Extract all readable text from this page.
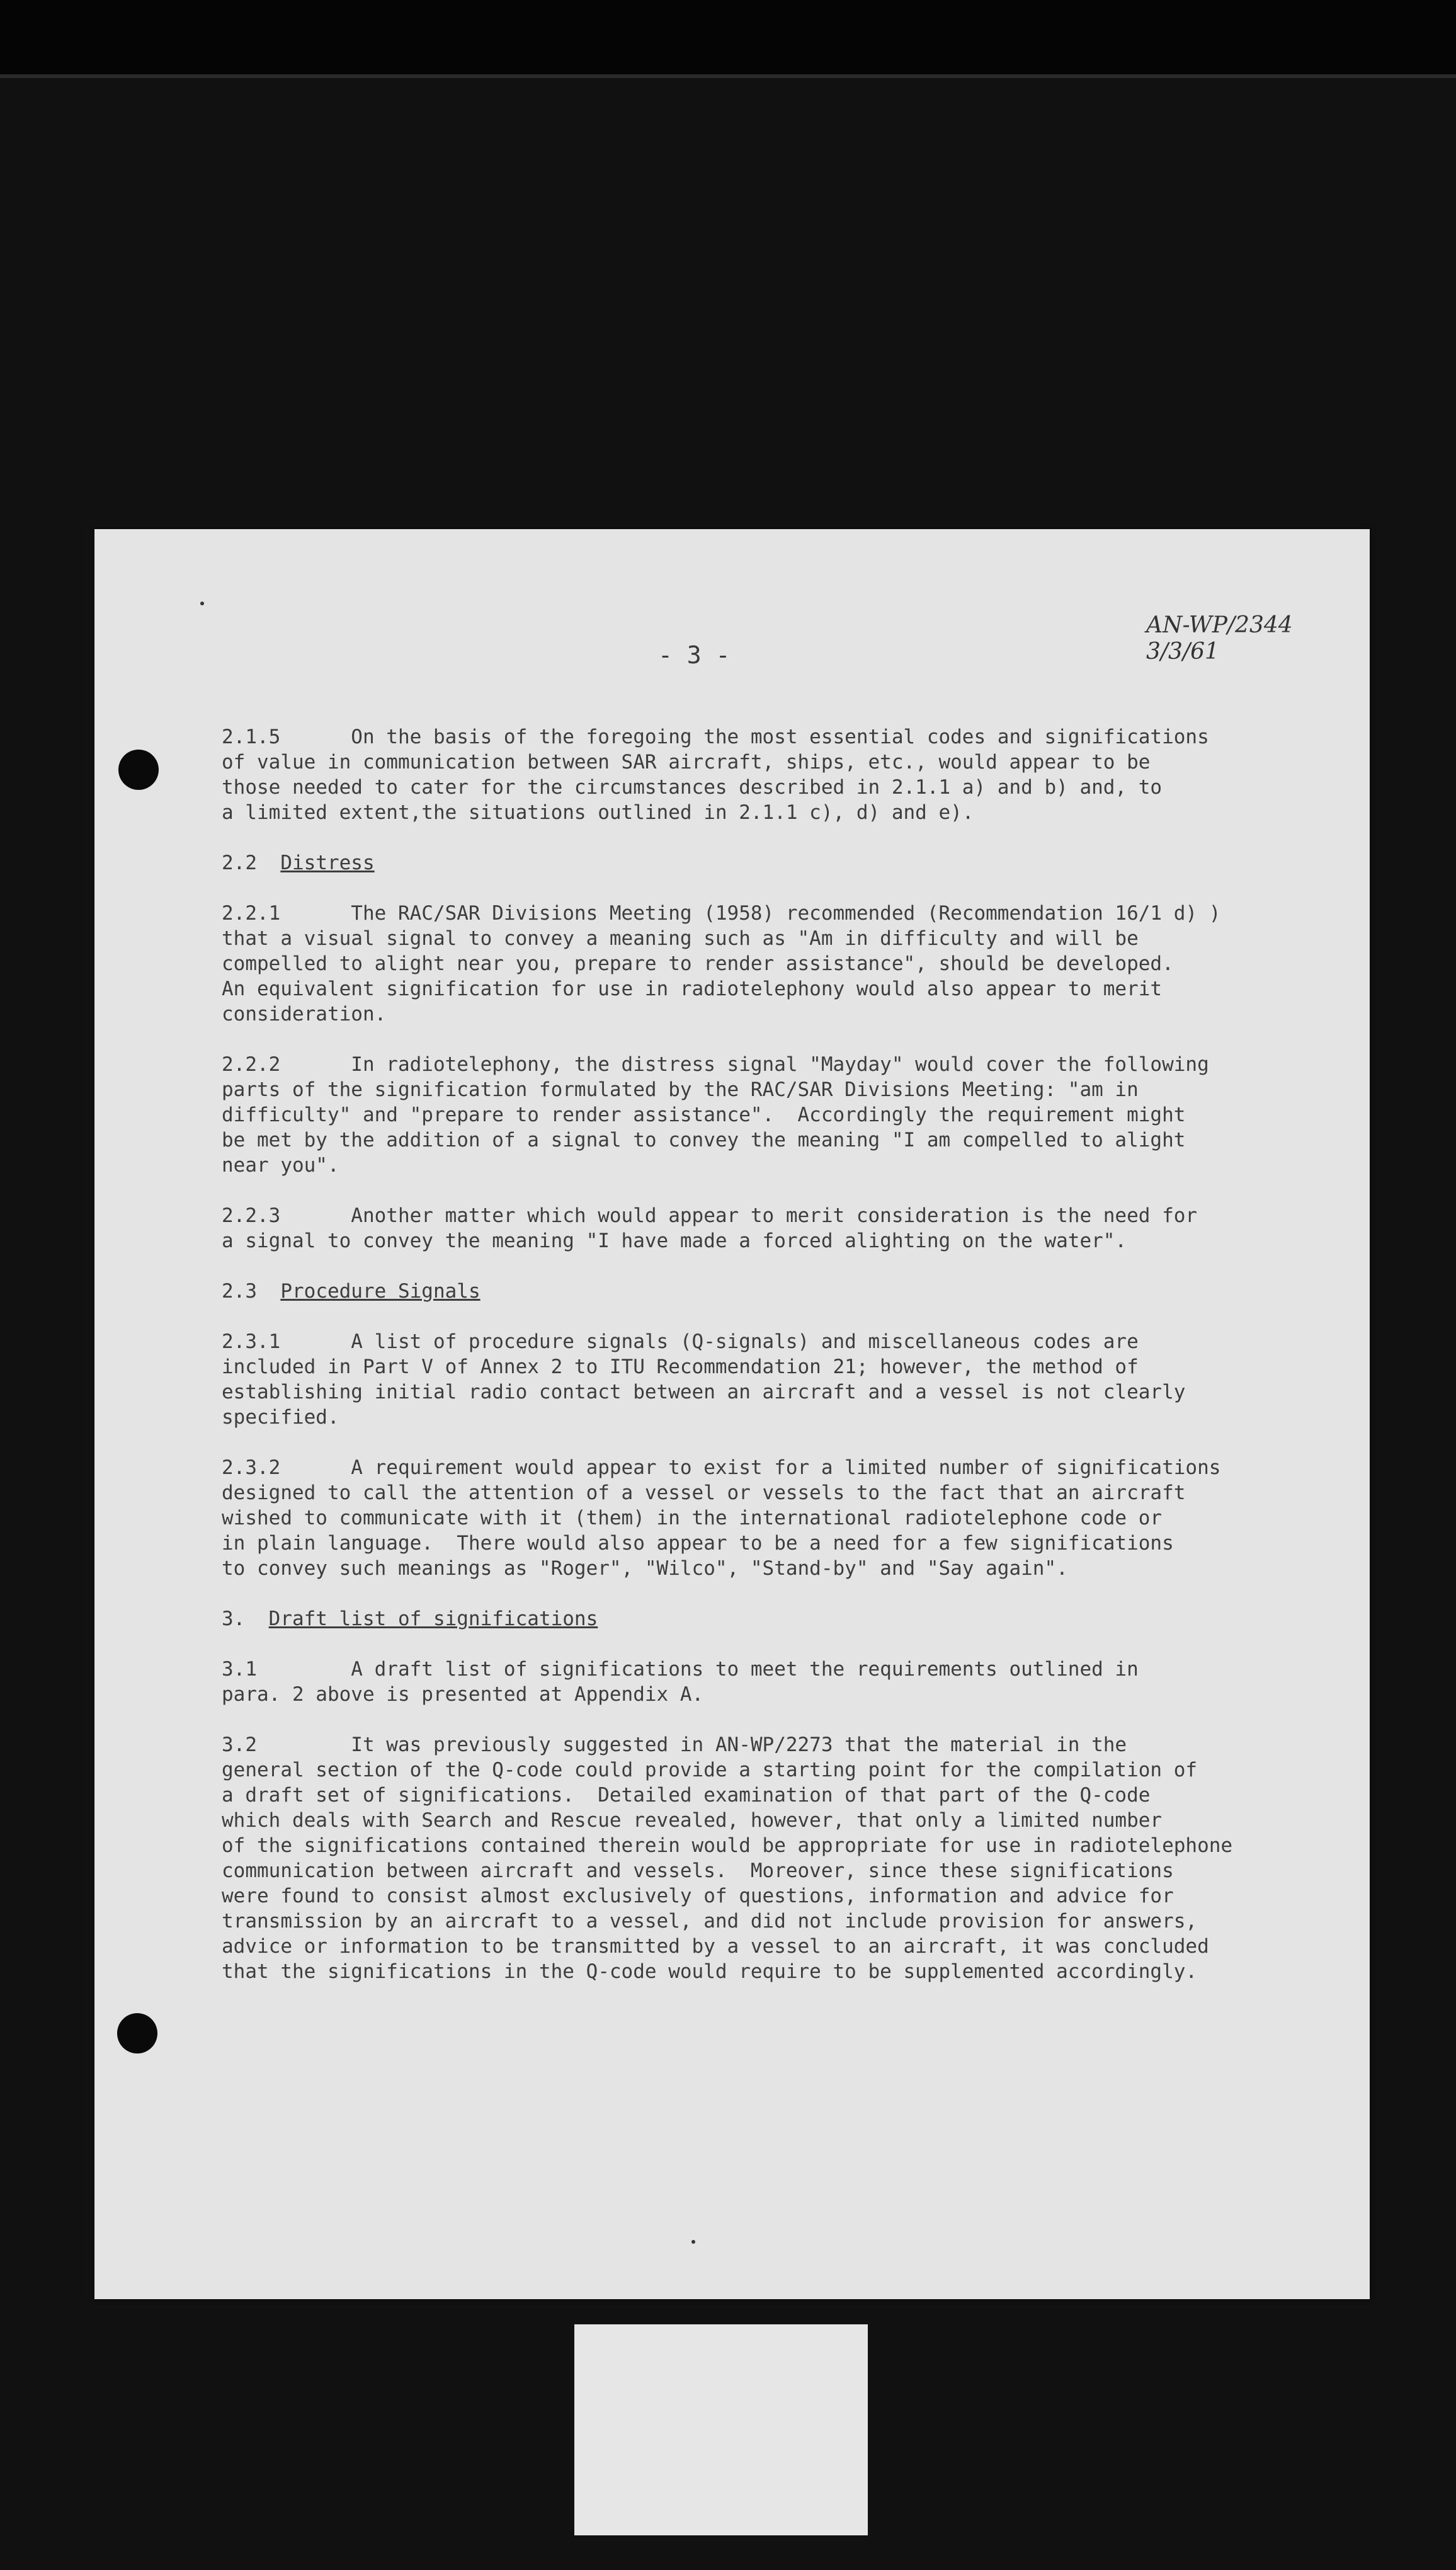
- 3 -
AN-WP/2344
3/3/61
2.1.5      On the basis of the foregoing the most essential codes and significations
of value in communication between SAR aircraft, ships, etc., would appear to be
those needed to cater for the circumstances described in 2.1.1 a) and b) and, to
a limited extent,the situations outlined in 2.1.1 c), d) and e).
2.2  Distress
2.2.1      The RAC/SAR Divisions Meeting (1958) recommended (Recommendation 16/1 d) )
that a visual signal to convey a meaning such as "Am in difficulty and will be
compelled to alight near you, prepare to render assistance", should be developed.
An equivalent signification for use in radiotelephony would also appear to merit
consideration.
2.2.2      In radiotelephony, the distress signal "Mayday" would cover the following
parts of the signification formulated by the RAC/SAR Divisions Meeting: "am in
difficulty" and "prepare to render assistance".  Accordingly the requirement might
be met by the addition of a signal to convey the meaning "I am compelled to alight
near you".
2.2.3      Another matter which would appear to merit consideration is the need for
a signal to convey the meaning "I have made a forced alighting on the water".
2.3  Procedure Signals
2.3.1      A list of procedure signals (Q-signals) and miscellaneous codes are
included in Part V of Annex 2 to ITU Recommendation 21; however, the method of
establishing initial radio contact between an aircraft and a vessel is not clearly
specified.
2.3.2      A requirement would appear to exist for a limited number of significations
designed to call the attention of a vessel or vessels to the fact that an aircraft
wished to communicate with it (them) in the international radiotelephone code or
in plain language.  There would also appear to be a need for a few significations
to convey such meanings as "Roger", "Wilco", "Stand-by" and "Say again".
3.  Draft list of significations
3.1        A draft list of significations to meet the requirements outlined in
para. 2 above is presented at Appendix A.
3.2        It was previously suggested in AN-WP/2273 that the material in the
general section of the Q-code could provide a starting point for the compilation of
a draft set of significations.  Detailed examination of that part of the Q-code
which deals with Search and Rescue revealed, however, that only a limited number
of the significations contained therein would be appropriate for use in radiotelephone
communication between aircraft and vessels.  Moreover, since these significations
were found to consist almost exclusively of questions, information and advice for
transmission by an aircraft to a vessel, and did not include provision for answers,
advice or information to be transmitted by a vessel to an aircraft, it was concluded
that the significations in the Q-code would require to be supplemented accordingly.
